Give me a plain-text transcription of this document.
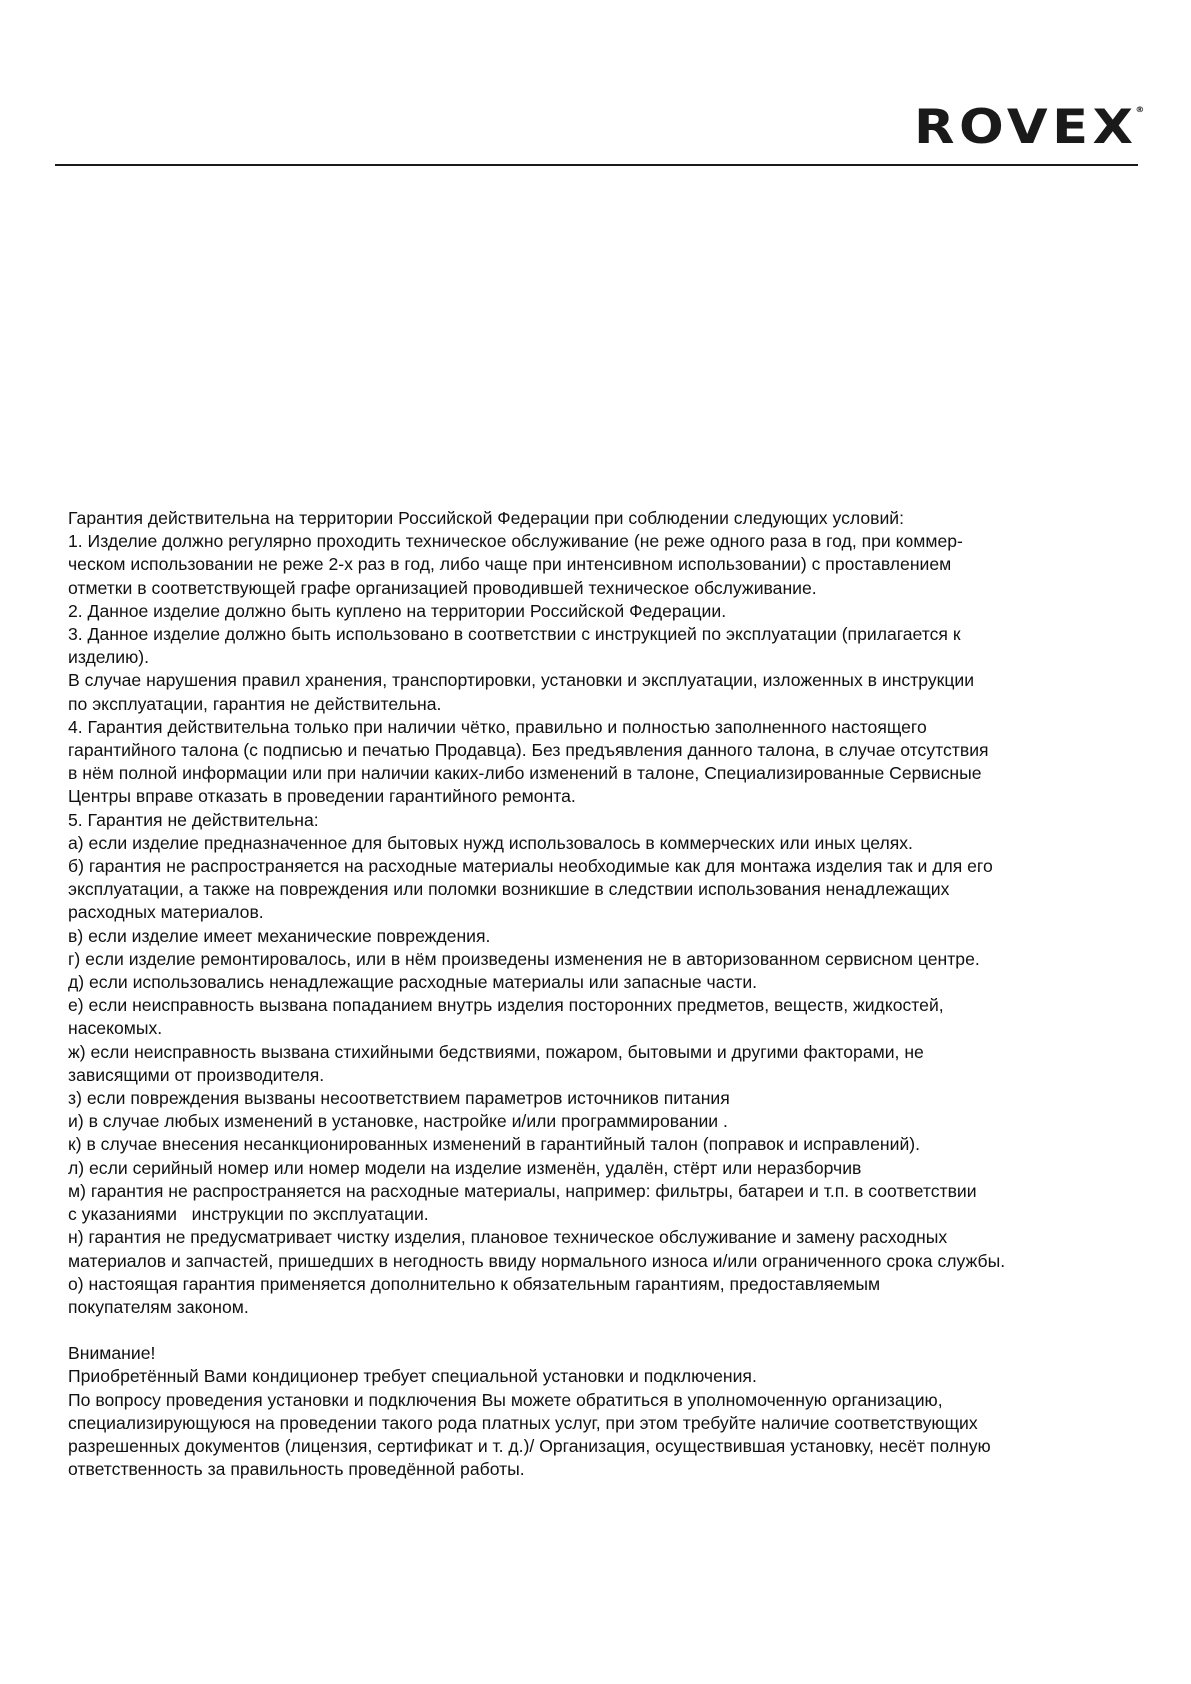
ROVEX
®

Гарантия действительна на территории Российской Федерации при соблюдении следующих условий:

1. Изделие должно регулярно проходить техническое обслуживание (не реже одного раза в год, при коммер-

ческом использовании не реже 2-х раз в год, либо чаще при интенсивном использовании) с проставлением

отметки в соответствующей графе организацией проводившей техническое обслуживание.

2. Данное изделие должно быть куплено на территории Российской Федерации.

3. Данное изделие должно быть использовано в соответствии с инструкцией по эксплуатации (прилагается к

изделию).

В случае нарушения правил хранения, транспортировки, установки и эксплуатации, изложенных в инструкции

по эксплуатации, гарантия не действительна.

4. Гарантия действительна только при наличии чётко, правильно и полностью заполненного настоящего

гарантийного талона (с подписью и печатью Продавца). Без предъявления данного талона, в случае отсутствия

в нём полной информации или при наличии каких-либо изменений в талоне, Специализированные Сервисные

Центры вправе отказать в проведении гарантийного ремонта.

5. Гарантия не действительна:

а) если изделие предназначенное для бытовых нужд использовалось в коммерческих или иных целях.

б) гарантия не распространяется на расходные материалы необходимые как для монтажа изделия так и для его

эксплуатации, а также на повреждения или поломки возникшие в следствии использования ненадлежащих

расходных материалов.

в) если изделие имеет механические повреждения.

г) если изделие ремонтировалось, или в нём произведены изменения не в авторизованном сервисном центре.

д) если использовались ненадлежащие расходные материалы или запасные части.

е) если неисправность вызвана попаданием внутрь изделия посторонних предметов, веществ, жидкостей,

насекомых.

ж) если неисправность вызвана стихийными бедствиями, пожаром, бытовыми и другими факторами, не

зависящими от производителя.

з) если повреждения вызваны несоответствием параметров источников питания

и) в случае любых изменений в установке, настройке и/или программировании .

к) в случае внесения несанкционированных изменений в гарантийный талон (поправок и исправлений).

л) если серийный номер или номер модели на изделие изменён, удалён, стёрт или неразборчив

м) гарантия не распространяется на расходные материалы, например: фильтры, батареи и т.п. в соответствии

с указаниями   инструкции по эксплуатации.

н) гарантия не предусматривает чистку изделия, плановое техническое обслуживание и замену расходных

материалов и запчастей, пришедших в негодность ввиду нормального износа и/или ограниченного срока службы.

о) настоящая гарантия применяется дополнительно к обязательным гарантиям, предоставляемым

покупателям законом.

Внимание!

Приобретённый Вами кондиционер требует специальной установки и подключения.

По вопросу проведения установки и подключения Вы можете обратиться в уполномоченную организацию,

специализирующуюся на проведении такого рода платных услуг, при этом требуйте наличие соответствующих

разрешенных документов (лицензия, сертификат и т. д.)/ Организация, осуществившая установку, несёт полную

ответственность за правильность проведённой работы.
